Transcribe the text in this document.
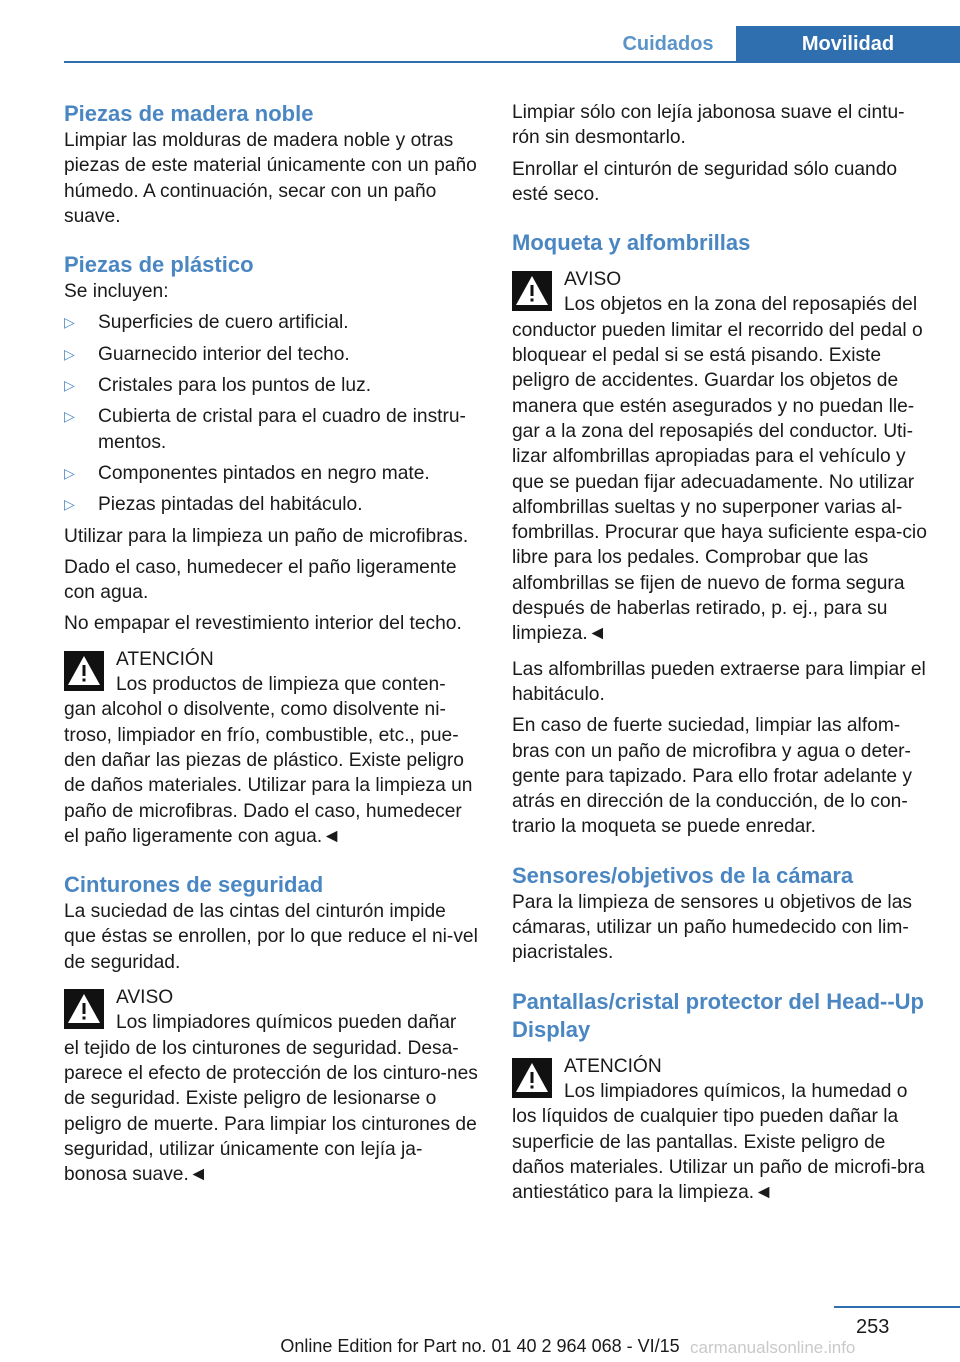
Cuidados	Movilidad
Piezas de madera noble

Limpiar las molduras de madera noble y otras piezas de este material únicamente con un paño húmedo. A continuación, secar con un paño suave.

Piezas de plástico

Se incluyen:

▷ Superficies de cuero artificial.
▷ Guarnecido interior del techo.
▷ Cristales para los puntos de luz.
▷ Cubierta de cristal para el cuadro de instru-mentos.
▷ Componentes pintados en negro mate.
▷ Piezas pintadas del habitáculo.

Utilizar para la limpieza un paño de microfibras.

Dado el caso, humedecer el paño ligeramente con agua.

No empapar el revestimiento interior del techo.

ATENCIÓN
Los productos de limpieza que conten-
gan alcohol o disolvente, como disolvente ni-troso, limpiador en frío, combustible, etc., pue-den dañar las piezas de plástico. Existe peligro de daños materiales. Utilizar para la limpieza un paño de microfibras. Dado el caso, humedecer el paño ligeramente con agua.◄
Cinturones de seguridad

La suciedad de las cintas del cinturón impide que éstas se enrollen, por lo que reduce el ni-vel de seguridad.

AVISO
Los limpiadores químicos pueden dañar
el tejido de los cinturones de seguridad. Desa-parece el efecto de protección de los cinturo-nes de seguridad. Existe peligro de lesionarse o peligro de muerte. Para limpiar los cinturones de seguridad, utilizar únicamente con lejía ja-bonosa suave.◄

Limpiar sólo con lejía jabonosa suave el cintu-rón sin desmontarlo.

Enrollar el cinturón de seguridad sólo cuando esté seco.

Moqueta y alfombrillas
AVISO
Los objetos en la zona del reposapiés del
conductor pueden limitar el recorrido del pedal o bloquear el pedal si se está pisando. Existe peligro de accidentes. Guardar los objetos de manera que estén asegurados y no puedan lle-gar a la zona del reposapiés del conductor. Uti-lizar alfombrillas apropiadas para el vehículo y que se puedan fijar adecuadamente. No utilizar alfombrillas sueltas y no superponer varias al-fombrillas. Procurar que haya suficiente espa-cio libre para los pedales. Comprobar que las alfombrillas se fijen de nuevo de forma segura después de haberlas retirado, p. ej., para su limpieza.◄

Las alfombrillas pueden extraerse para limpiar el habitáculo.

En caso de fuerte suciedad, limpiar las alfom-bras con un paño de microfibra y agua o deter-gente para tapizado. Para ello frotar adelante y atrás en dirección de la conducción, de lo con-trario la moqueta se puede enredar.

Sensores/objetivos de la cámara

Para la limpieza de sensores u objetivos de las cámaras, utilizar un paño humedecido con lim-piacristales.

Pantallas/cristal protector del Head--Up Display
ATENCIÓN
Los limpiadores químicos, la humedad o
los líquidos de cualquier tipo pueden dañar la superficie de las pantallas. Existe peligro de daños materiales. Utilizar un paño de microfi-bra antiestático para la limpieza.◄
253
Online Edition for Part no. 01 40 2 964 068 - VI/15 carmanualsonline.info
